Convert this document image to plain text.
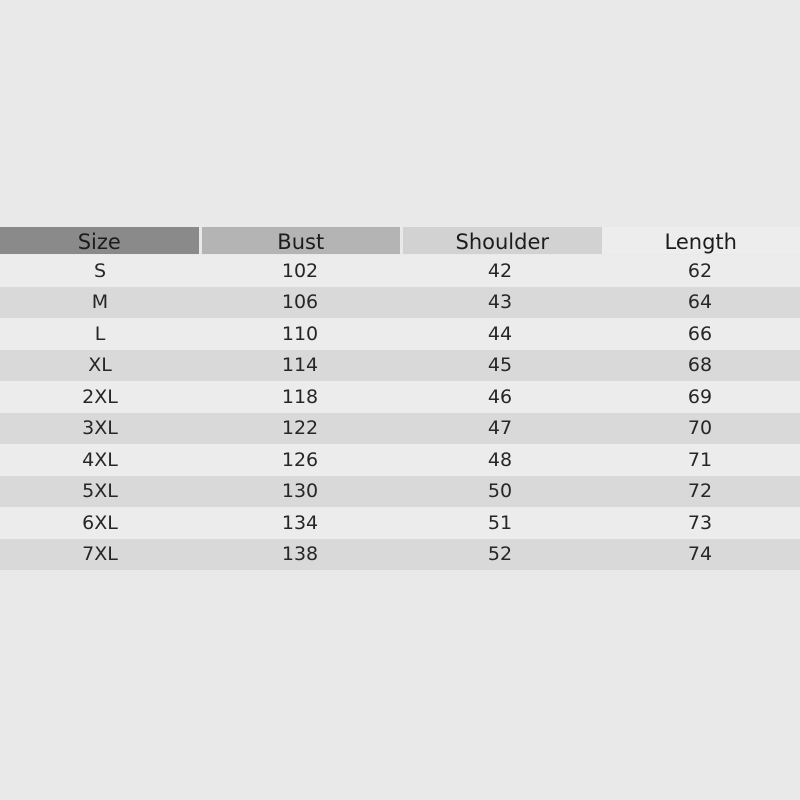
Size	Bust	Shoulder	Length
S	102	42	62
M	106	43	64
L	110	44	66
XL	114	45	68
2XL	118	46	69
3XL	122	47	70
4XL	126	48	71
5XL	130	50	72
6XL	134	51	73
7XL	138	52	74
